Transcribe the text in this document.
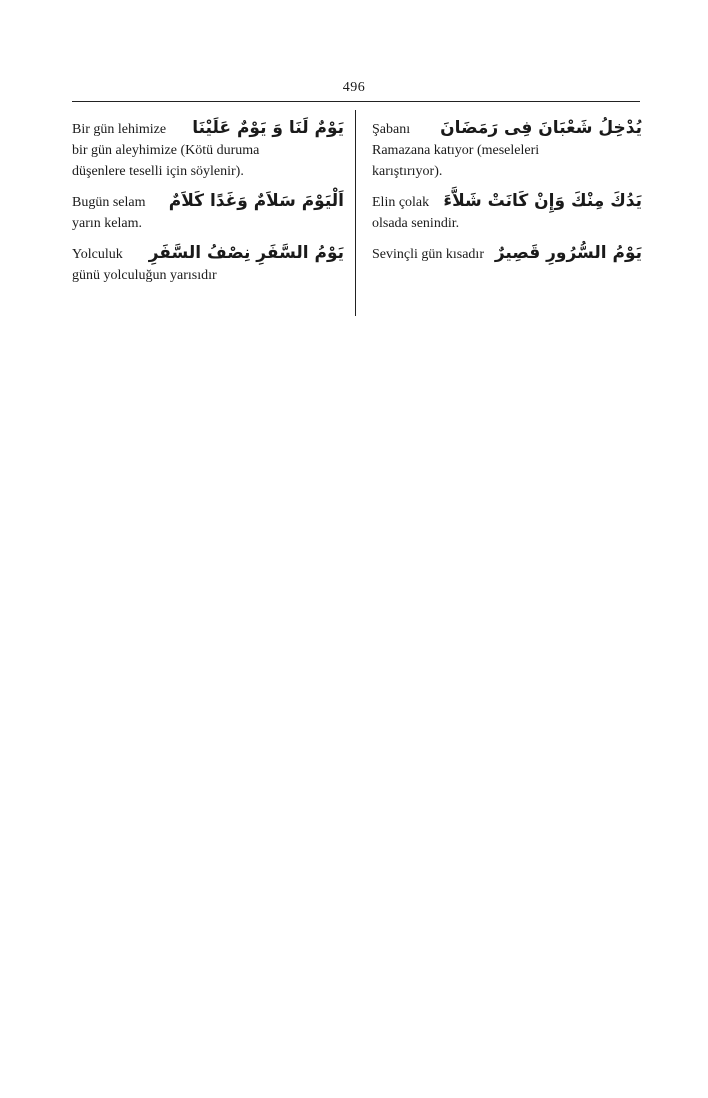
496
Bir gün lehimize يَوْمٌ لَنَا وَ يَوْمٌ عَلَيْنَا
bir gün aleyhimize (Kötü duruma
düşenlere teselli için söylenir).
Bugün selam اَلْيَوْمَ سَلاَمٌ وَغَدًا كَلاَمٌ
yarın kelam.
Yolculuk يَوْمُ السَّفَرِ نِصْفُ السَّفَرِ
günü yolculuğun yarısıdır
Şabanı يُدْخِلُ شَعْبَانَ فِى رَمَضَانَ
Ramazana katıyor (meseleleri
karıştırıyor).
Elin çolak يَدُكَ مِنْكَ وَإِنْ كَانَتْ شَلاَّءَ
olsada senindir.
Sevinçli gün kısadır يَوْمُ السُّرُورِ قَصِيرٌ
